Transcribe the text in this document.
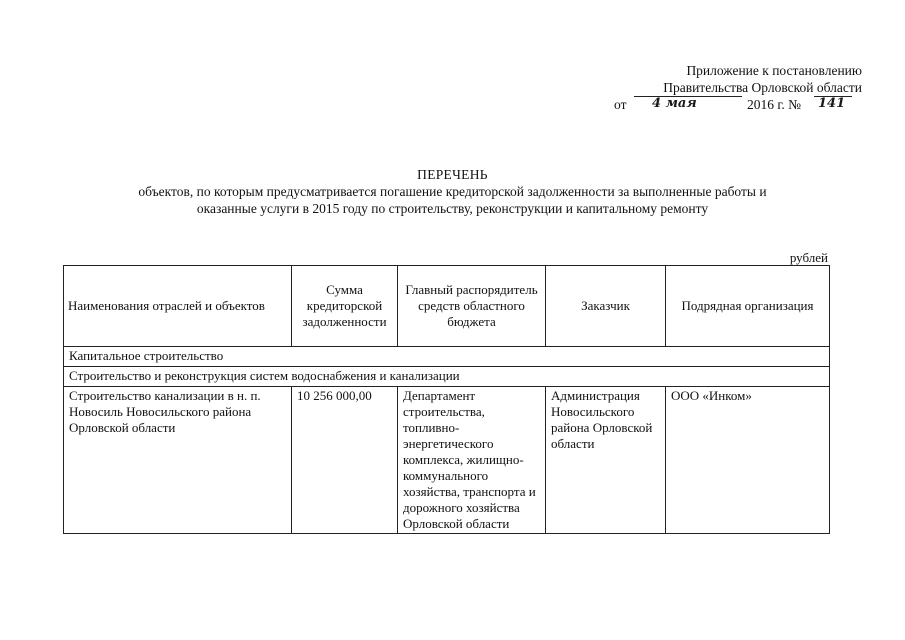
Приложение к постановлению
Правительства Орловской области
от 4 мая	2016 г. № 141
ПЕРЕЧЕНЬ
объектов, по которым предусматривается погашение кредиторской задолженности за выполненные работы и
оказанные услуги в 2015 году по строительству, реконструкции и капитальному ремонту
рублей
Наименования отраслей и объектов	Сумма кредиторской задолженности	Главный распорядитель средств областного бюджета	Заказчик	Подрядная организация
Капитальное строительство				
Строительство и реконструкция систем водоснабжения и канализации				
Строительство канализации в н. п. Новосиль Новосильского района Орловской области	10 256 000,00	Департамент строительства, топливно-энергетического комплекса, жилищно-коммунального хозяйства, транспорта и дорожного хозяйства Орловской области	Администрация Новосильского района Орловской области	ООО «Инком»
